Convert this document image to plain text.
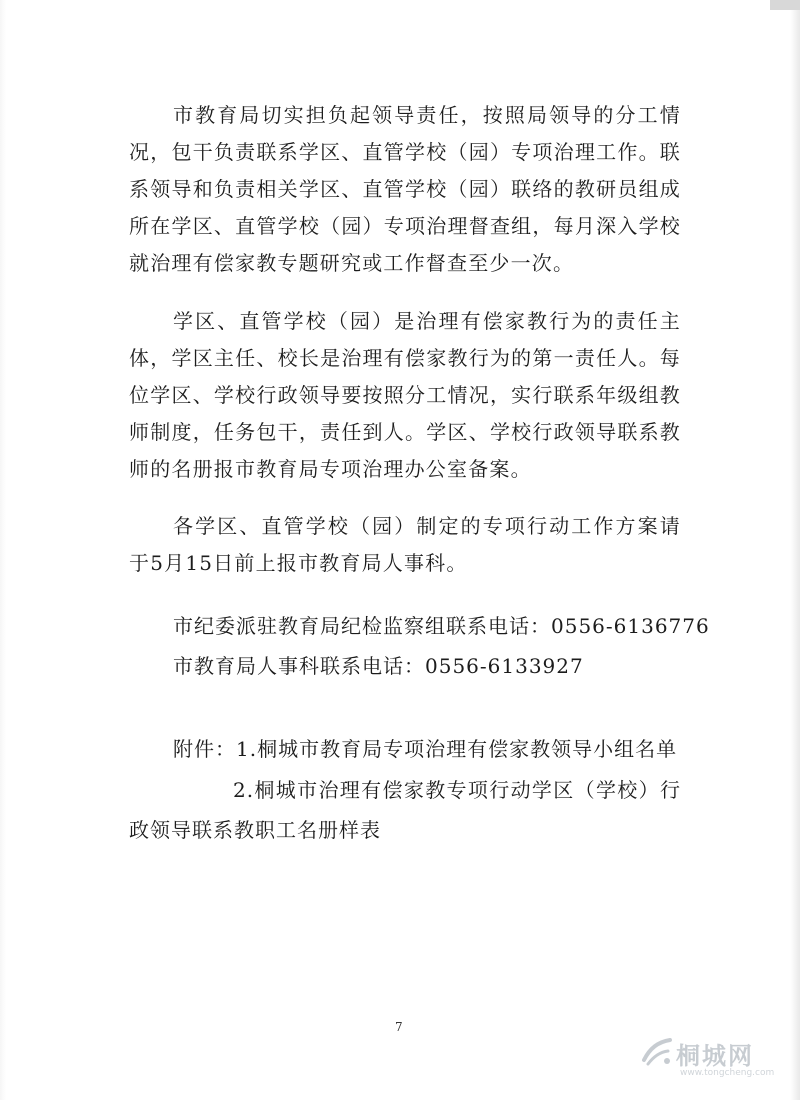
市教育局切实担负起领导责任，按照局领导的分工情况，包干负责联系学区、直管学校（园）专项治理工作。联系领导和负责相关学区、直管学校（园）联络的教研员组成所在学区、直管学校（园）专项治理督查组，每月深入学校就治理有偿家教专题研究或工作督查至少一次。

学区、直管学校（园）是治理有偿家教行为的责任主体，学区主任、校长是治理有偿家教行为的第一责任人。每位学区、学校行政领导要按照分工情况，实行联系年级组教师制度，任务包干，责任到人。学区、学校行政领导联系教师的名册报市教育局专项治理办公室备案。

各学区、直管学校（园）制定的专项行动工作方案请于5月15日前上报市教育局人事科。

市纪委派驻教育局纪检监察组联系电话：0556-6136776

市教育局人事科联系电话：0556-6133927

附件：1.桐城市教育局专项治理有偿家教领导小组名单

2.桐城市治理有偿家教专项行动学区（学校）行政领导联系教职工名册样表

7
桐城网
www.tongcheng.com
